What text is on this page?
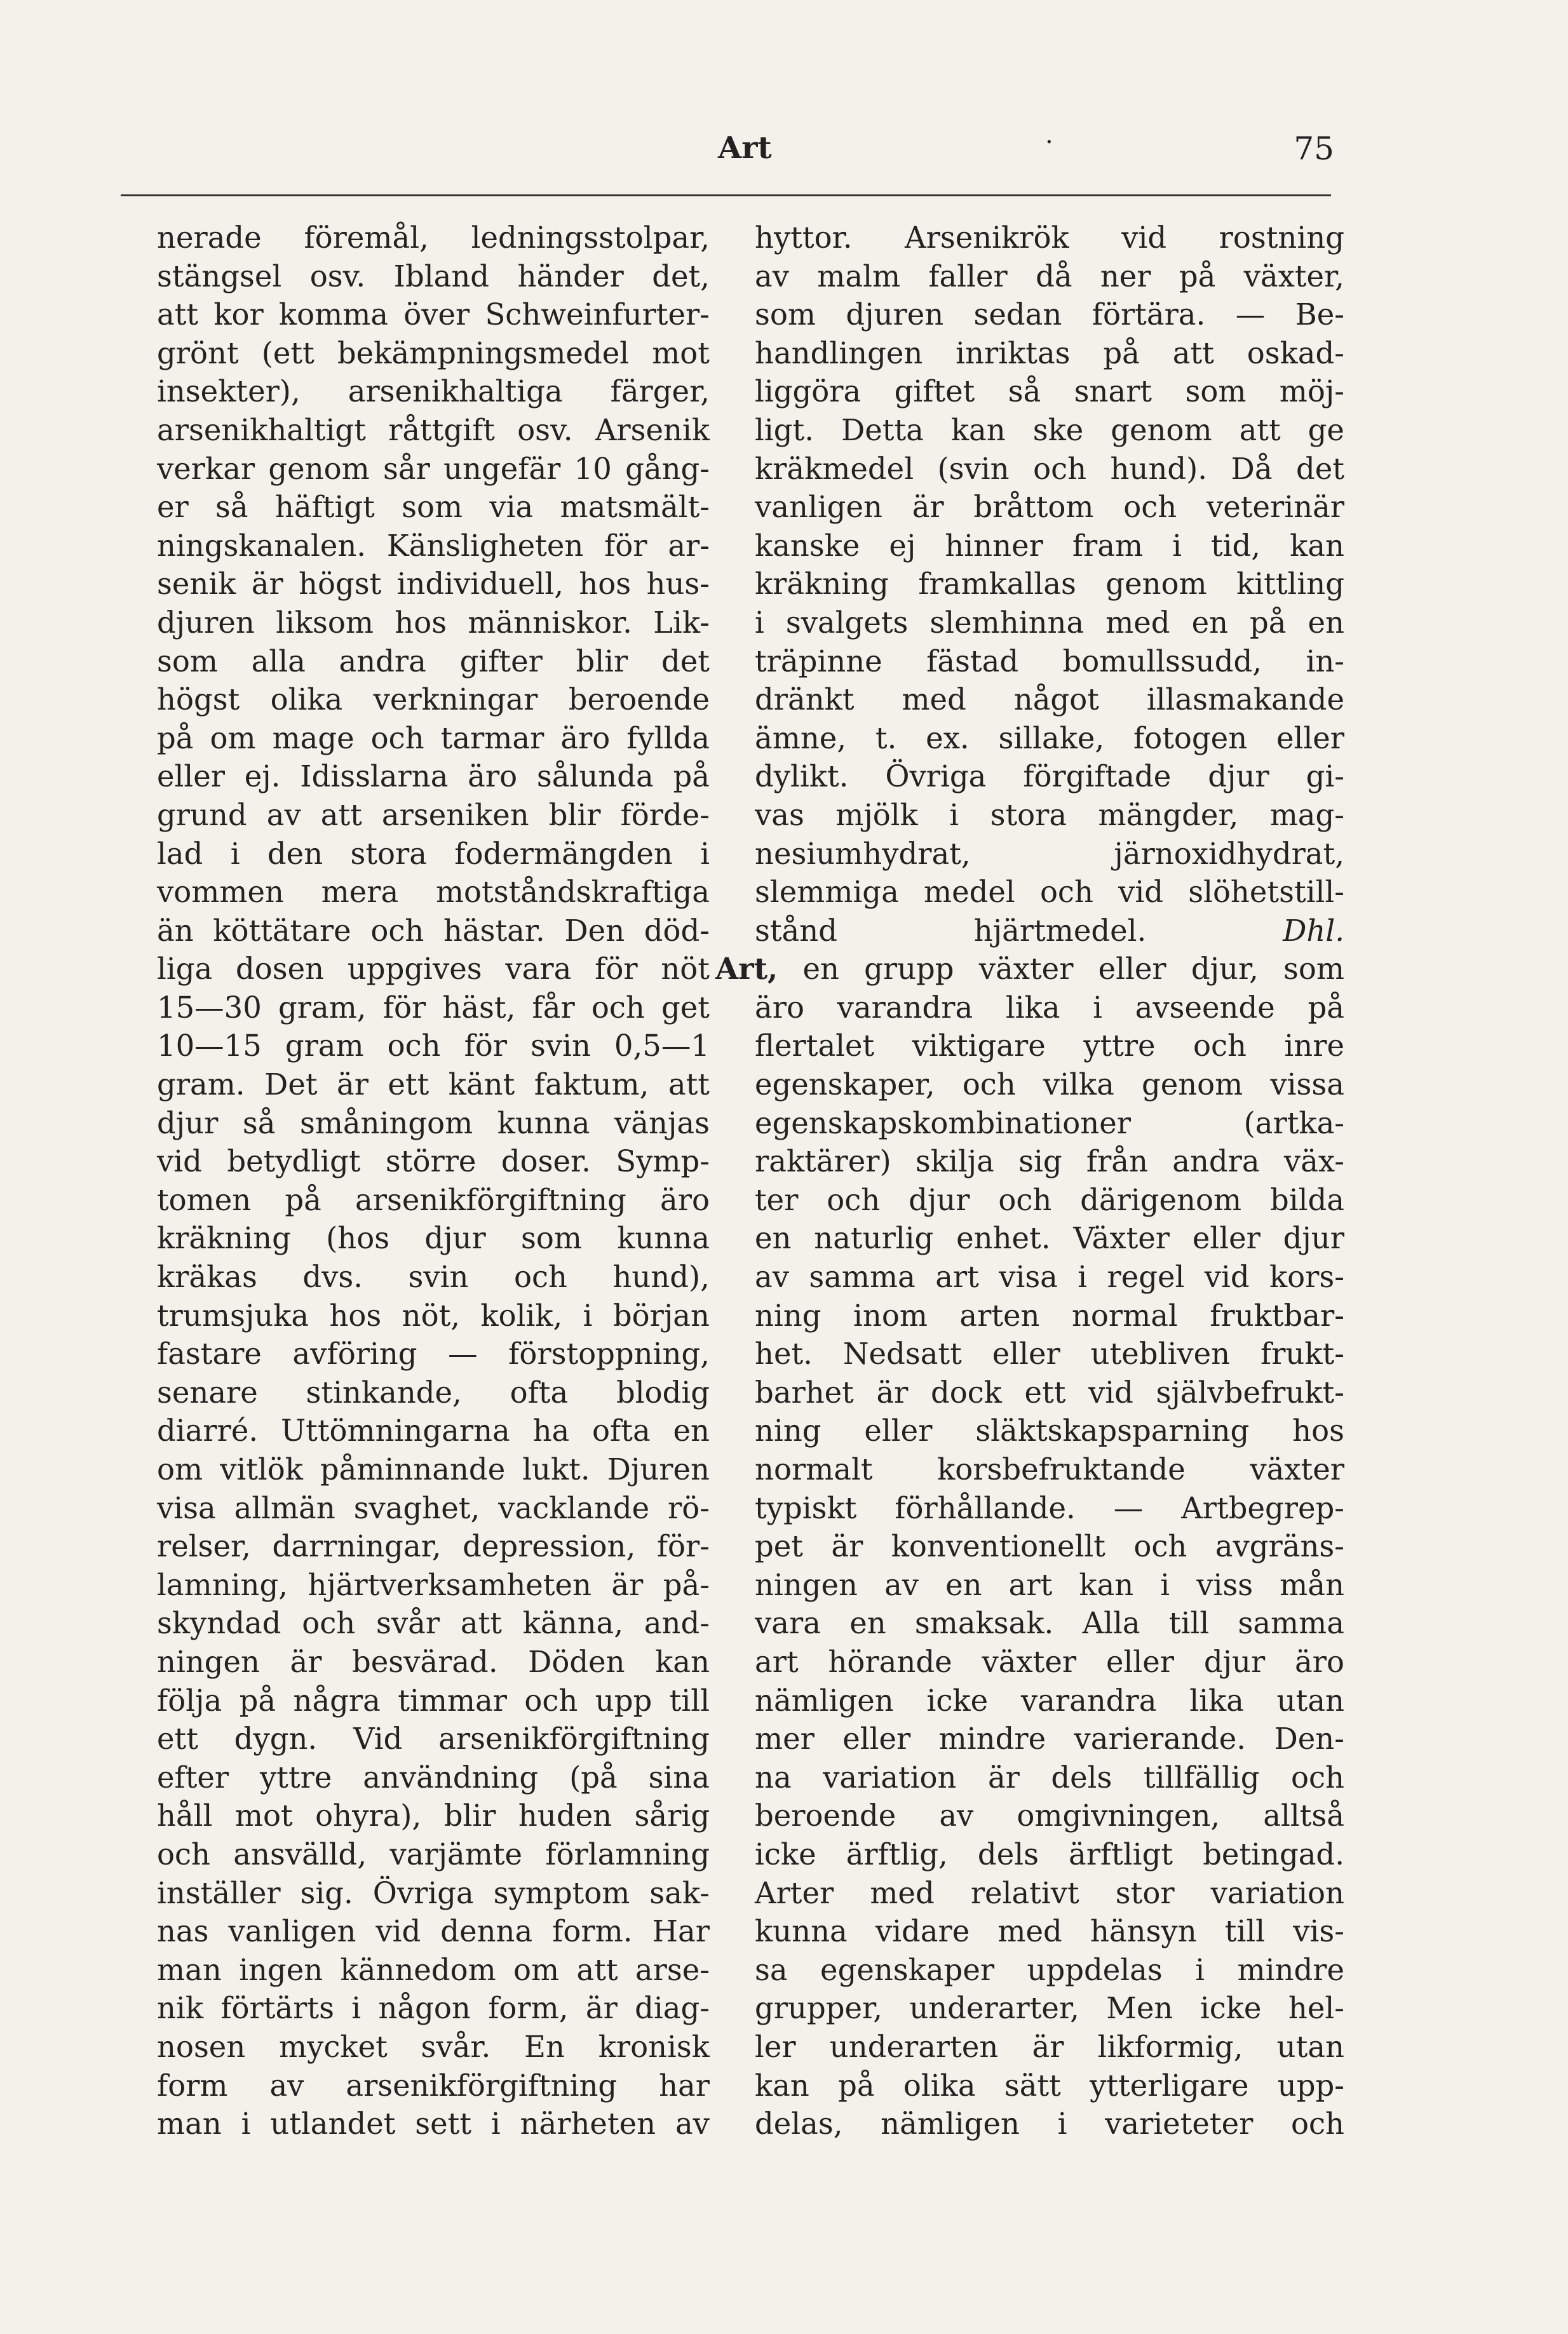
Art	·	75
nerade föremål, ledningsstolpar,
stängsel osv. Ibland händer det,
att kor komma över Schweinfurter-
grönt (ett bekämpningsmedel mot
insekter), arsenikhaltiga färger,
arsenikhaltigt råttgift osv. Arsenik
verkar genom sår ungefär 10 gång-
er så häftigt som via matsmält-
ningskanalen. Känsligheten för ar-
senik är högst individuell, hos hus-
djuren liksom hos människor. Lik-
som alla andra gifter blir det
högst olika verkningar beroende
på om mage och tarmar äro fyllda
eller ej. Idisslarna äro sålunda på
grund av att arseniken blir förde-
lad i den stora fodermängden i
vommen mera motståndskraftiga
än köttätare och hästar. Den död-
liga dosen uppgives vara för nöt
15—30 gram, för häst, får och get
10—15 gram och för svin 0,5—1
gram. Det är ett känt faktum, att
djur så småningom kunna vänjas
vid betydligt större doser. Symp-
tomen på arsenikförgiftning äro
kräkning (hos djur som kunna
kräkas dvs. svin och hund),
trumsjuka hos nöt, kolik, i början
fastare avföring — förstoppning,
senare stinkande, ofta blodig
diarré. Uttömningarna ha ofta en
om vitlök påminnande lukt. Djuren
visa allmän svaghet, vacklande rö-
relser, darrningar, depression, för-
lamning, hjärtverksamheten är på-
skyndad och svår att känna, and-
ningen är besvärad. Döden kan
följa på några timmar och upp till
ett dygn. Vid arsenikförgiftning
efter yttre användning (på sina
håll mot ohyra), blir huden sårig
och ansvälld, varjämte förlamning
inställer sig. Övriga symptom sak-
nas vanligen vid denna form. Har
man ingen kännedom om att arse-
nik förtärts i någon form, är diag-
nosen mycket svår. En kronisk
form av arsenikförgiftning har
man i utlandet sett i närheten av
hyttor. Arsenikrök vid rostning
av malm faller då ner på växter,
som djuren sedan förtära. — Be-
handlingen inriktas på att oskad-
liggöra giftet så snart som möj-
ligt. Detta kan ske genom att ge
kräkmedel (svin och hund). Då det
vanligen är bråttom och veterinär
kanske ej hinner fram i tid, kan
kräkning framkallas genom kittling
i svalgets slemhinna med en på en
träpinne fästad bomullssudd, in-
dränkt med något illasmakande
ämne, t. ex. sillake, fotogen eller
dylikt. Övriga förgiftade djur gi-
vas mjölk i stora mängder, mag-
nesiumhydrat,	järnoxidhydrat,
slemmiga medel och vid slöhetstill-
stånd	hjärtmedel.	Dhl.
Art, en grupp växter eller djur, som
äro varandra lika i avseende på
flertalet viktigare yttre och inre
egenskaper, och vilka genom vissa
egenskapskombinationer	(artka-
raktärer) skilja sig från andra väx-
ter och djur och därigenom bilda
en naturlig enhet. Växter eller djur
av samma art visa i regel vid kors-
ning inom arten normal fruktbar-
het. Nedsatt eller utebliven frukt-
barhet är dock ett vid självbefrukt-
ning eller släktskapsparning hos
normalt korsbefruktande växter
typiskt förhållande. — Artbegrep-
pet är konventionellt och avgräns-
ningen av en art kan i viss mån
vara en smaksak. Alla till samma
art hörande växter eller djur äro
nämligen icke varandra lika utan
mer eller mindre varierande. Den-
na variation är dels tillfällig och
beroende av omgivningen, alltså
icke ärftlig, dels ärftligt betingad.
Arter med relativt stor variation
kunna vidare med hänsyn till vis-
sa egenskaper uppdelas i mindre
grupper, underarter, Men icke hel-
ler underarten är likformig, utan
kan på olika sätt ytterligare upp-
delas, nämligen i varieteter och
